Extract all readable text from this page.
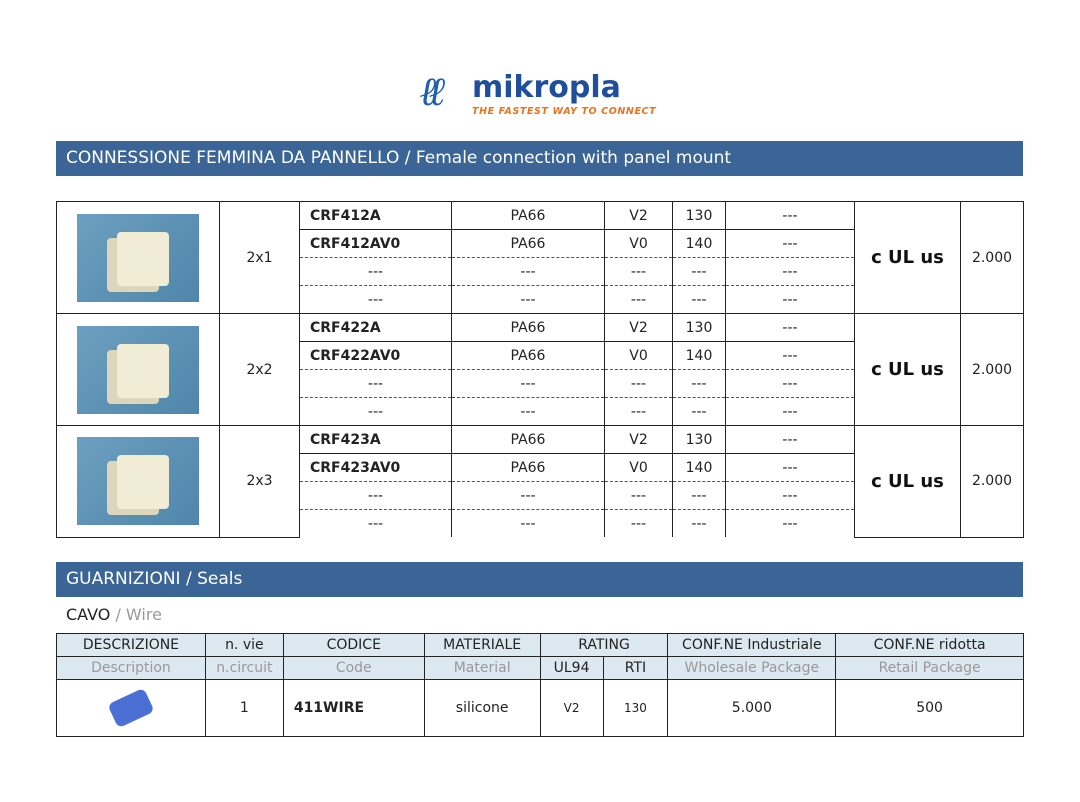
ℓℓ mikropla
THE FASTEST WAY TO CONNECT
CONNESSIONE FEMMINA DA PANNELLO / Female connection with panel mount
	2x1	CRF412A	PA66	V2	130	---	c UL us	2.000
		CRF412AV0	PA66	V0	140	---		
		---	---	---	---	---		
		---	---	---	---	---		

	2x2	CRF422A	PA66	V2	130	---	c UL us	2.000
		CRF422AV0	PA66	V0	140	---		
		---	---	---	---	---		
		---	---	---	---	---		

	2x3	CRF423A	PA66	V2	130	---	c UL us	2.000
		CRF423AV0	PA66	V0	140	---		
		---	---	---	---	---		
		---	---	---	---	---		
GUARNIZIONI / Seals
CAVO / Wire
DESCRIZIONE	n. vie	CODICE	MATERIALE	RATING		CONF.NE Industriale	CONF.NE ridotta
Description	n.circuit	Code	Material	UL94	RTI	Wholesale Package	Retail Package

	1	411WIRE	silicone	V2	130	5.000	500
